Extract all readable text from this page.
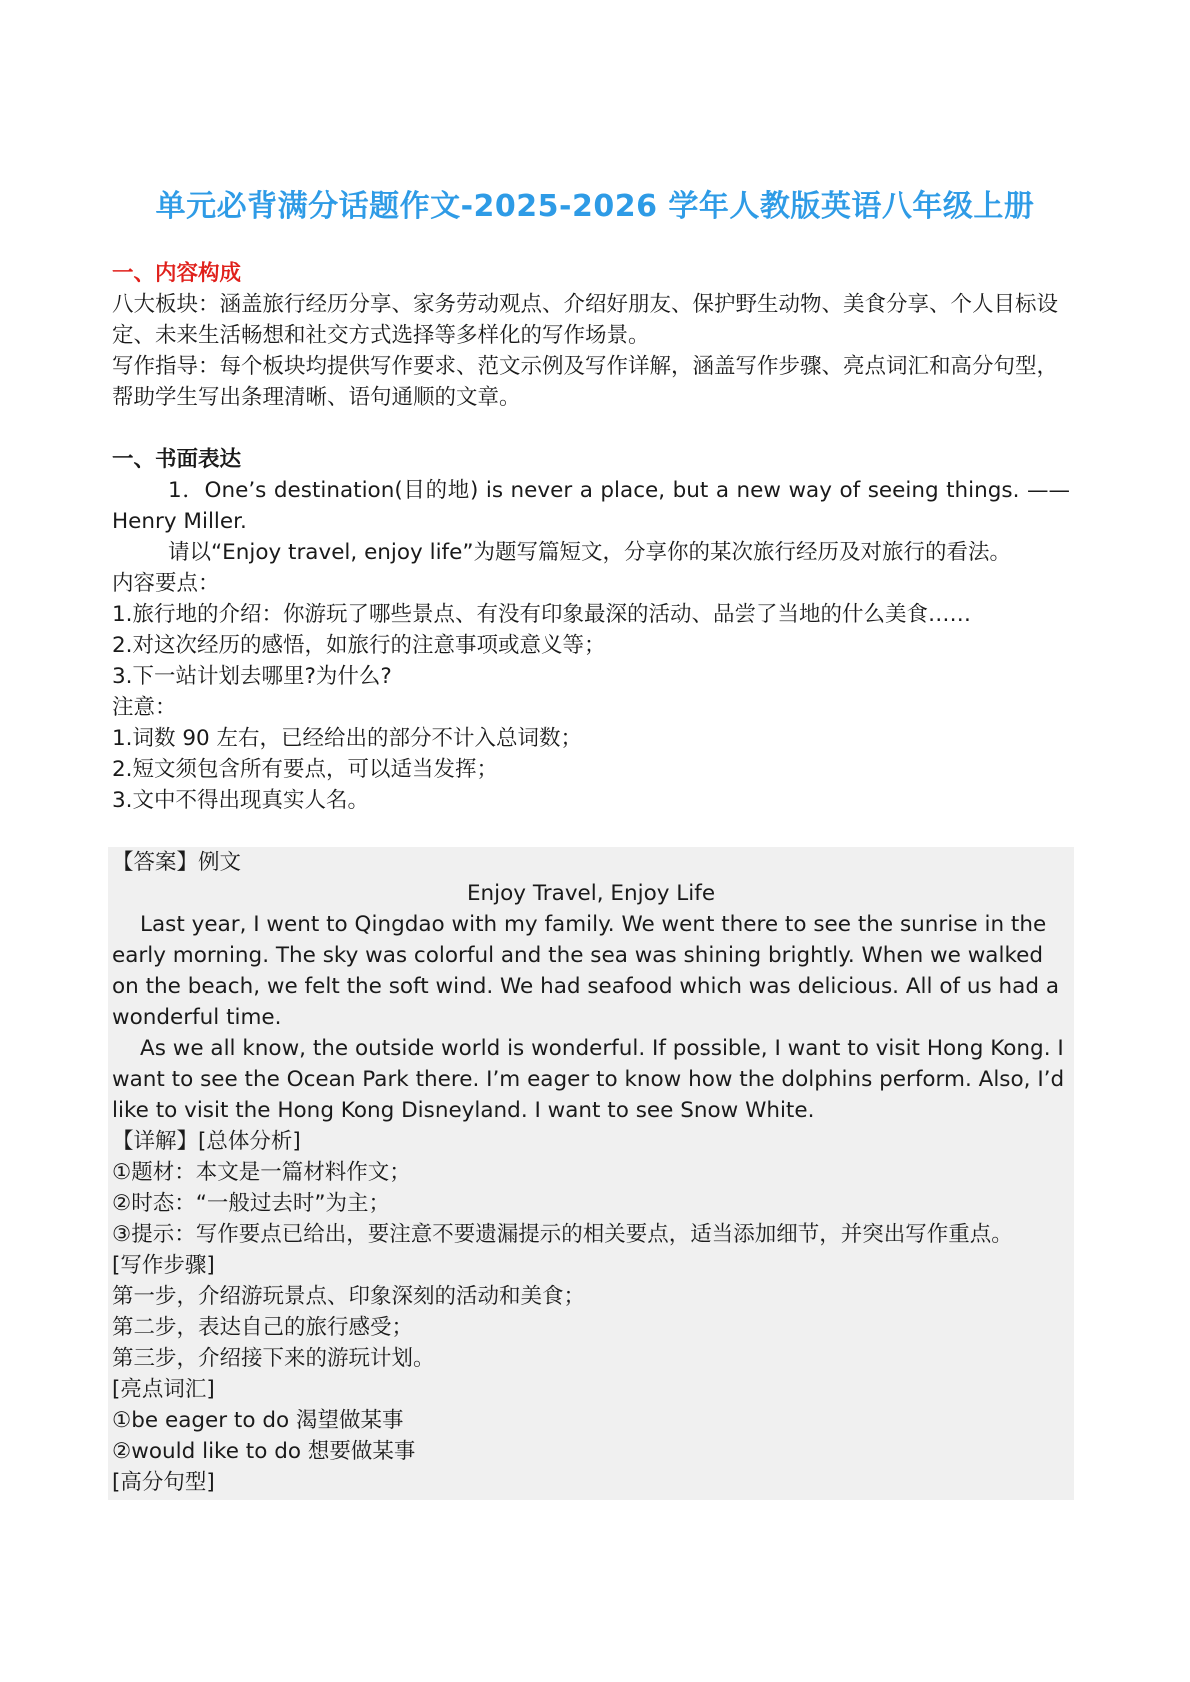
单元必背满分话题作文-2025-2026 学年人教版英语八年级上册

一、内容构成

八大板块：涵盖旅行经历分享、家务劳动观点、介绍好朋友、保护野生动物、美食分享、个人目标设定、未来生活畅想和社交方式选择等多样化的写作场景。

写作指导：每个板块均提供写作要求、范文示例及写作详解，涵盖写作步骤、亮点词汇和高分句型，帮助学生写出条理清晰、语句通顺的文章。

一、书面表达

1．One’s destination(目的地) is never a place, but a new way of seeing things. ——Henry Miller.

请以“Enjoy travel, enjoy life”为题写篇短文，分享你的某次旅行经历及对旅行的看法。

内容要点：

1.旅行地的介绍：你游玩了哪些景点、有没有印象最深的活动、品尝了当地的什么美食……

2.对这次经历的感悟，如旅行的注意事项或意义等；

3.下一站计划去哪里?为什么?

注意：

1.词数 90 左右，已经给出的部分不计入总词数；

2.短文须包含所有要点，可以适当发挥；

3.文中不得出现真实人名。

【答案】例文

Enjoy Travel, Enjoy Life

Last year, I went to Qingdao with my family. We went there to see the sunrise in the early morning. The sky was colorful and the sea was shining brightly. When we walked on the beach, we felt the soft wind. We had seafood which was delicious. All of us had a wonderful time.

As we all know, the outside world is wonderful. If possible, I want to visit Hong Kong. I want to see the Ocean Park there. I’m eager to know how the dolphins perform. Also, I’d like to visit the Hong Kong Disneyland. I want to see Snow White.

【详解】[总体分析]

①题材：本文是一篇材料作文；

②时态：“一般过去时”为主；

③提示：写作要点已给出，要注意不要遗漏提示的相关要点，适当添加细节，并突出写作重点。

[写作步骤]

第一步，介绍游玩景点、印象深刻的活动和美食；

第二步，表达自己的旅行感受；

第三步，介绍接下来的游玩计划。

[亮点词汇]

①be eager to do 渴望做某事

②would like to do 想要做某事

[高分句型]
